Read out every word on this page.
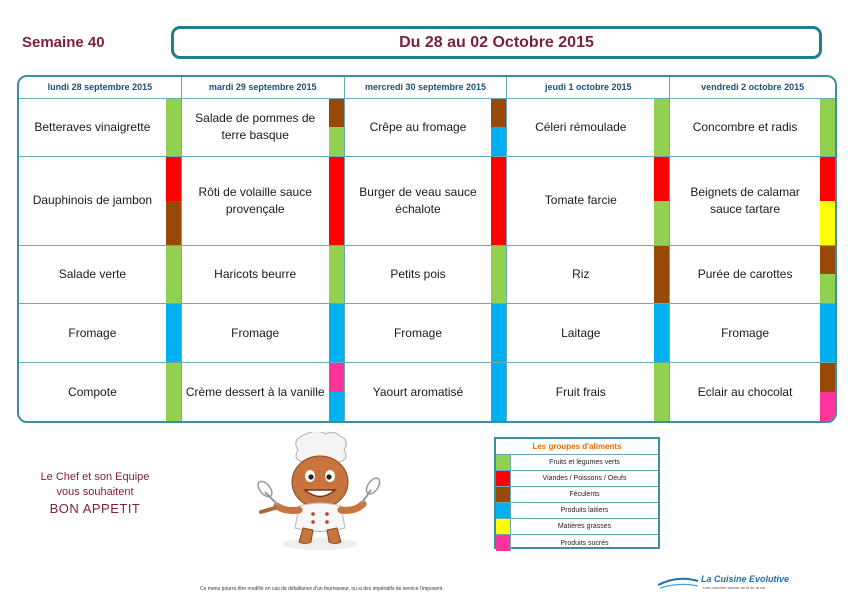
Semaine 40	Du 28 au 02 Octobre 2015
lundi 28 septembre 2015
Betteraves vinaigrette
Dauphinois de jambon
Salade verte
Fromage
Compote
mardi 29 septembre 2015
Salade de pommes de terre basque
Rôti de volaille sauce provençale
Haricots beurre
Fromage
Crème dessert à la vanille
mercredi 30 septembre 2015
Crêpe au fromage
Burger de veau sauce échalote
Petits pois
Fromage
Yaourt aromatisé
jeudi 1 octobre 2015
Céleri rémoulade
Tomate farcie
Riz
Laitage
Fruit frais
vendredi 2 octobre 2015
Concombre et radis
Beignets de calamar sauce tartare
Purée de carottes
Fromage
Eclair au chocolat
Le Chef et son Equipe
vous souhaitent
BON APPETIT
Les groupes d'aliments
Fruits et légumes verts
Viandes / Poissons / Oeufs
Féculents
Produits laitiers
Matières grasses
Produits sucrés
Ce menu pourra être modifié en cas de défaillance d'un fournisseur, ou si des impératifs de service l'imposent.
La Cuisine Evolutive
Une nouvelle saveur au fil de la vie
